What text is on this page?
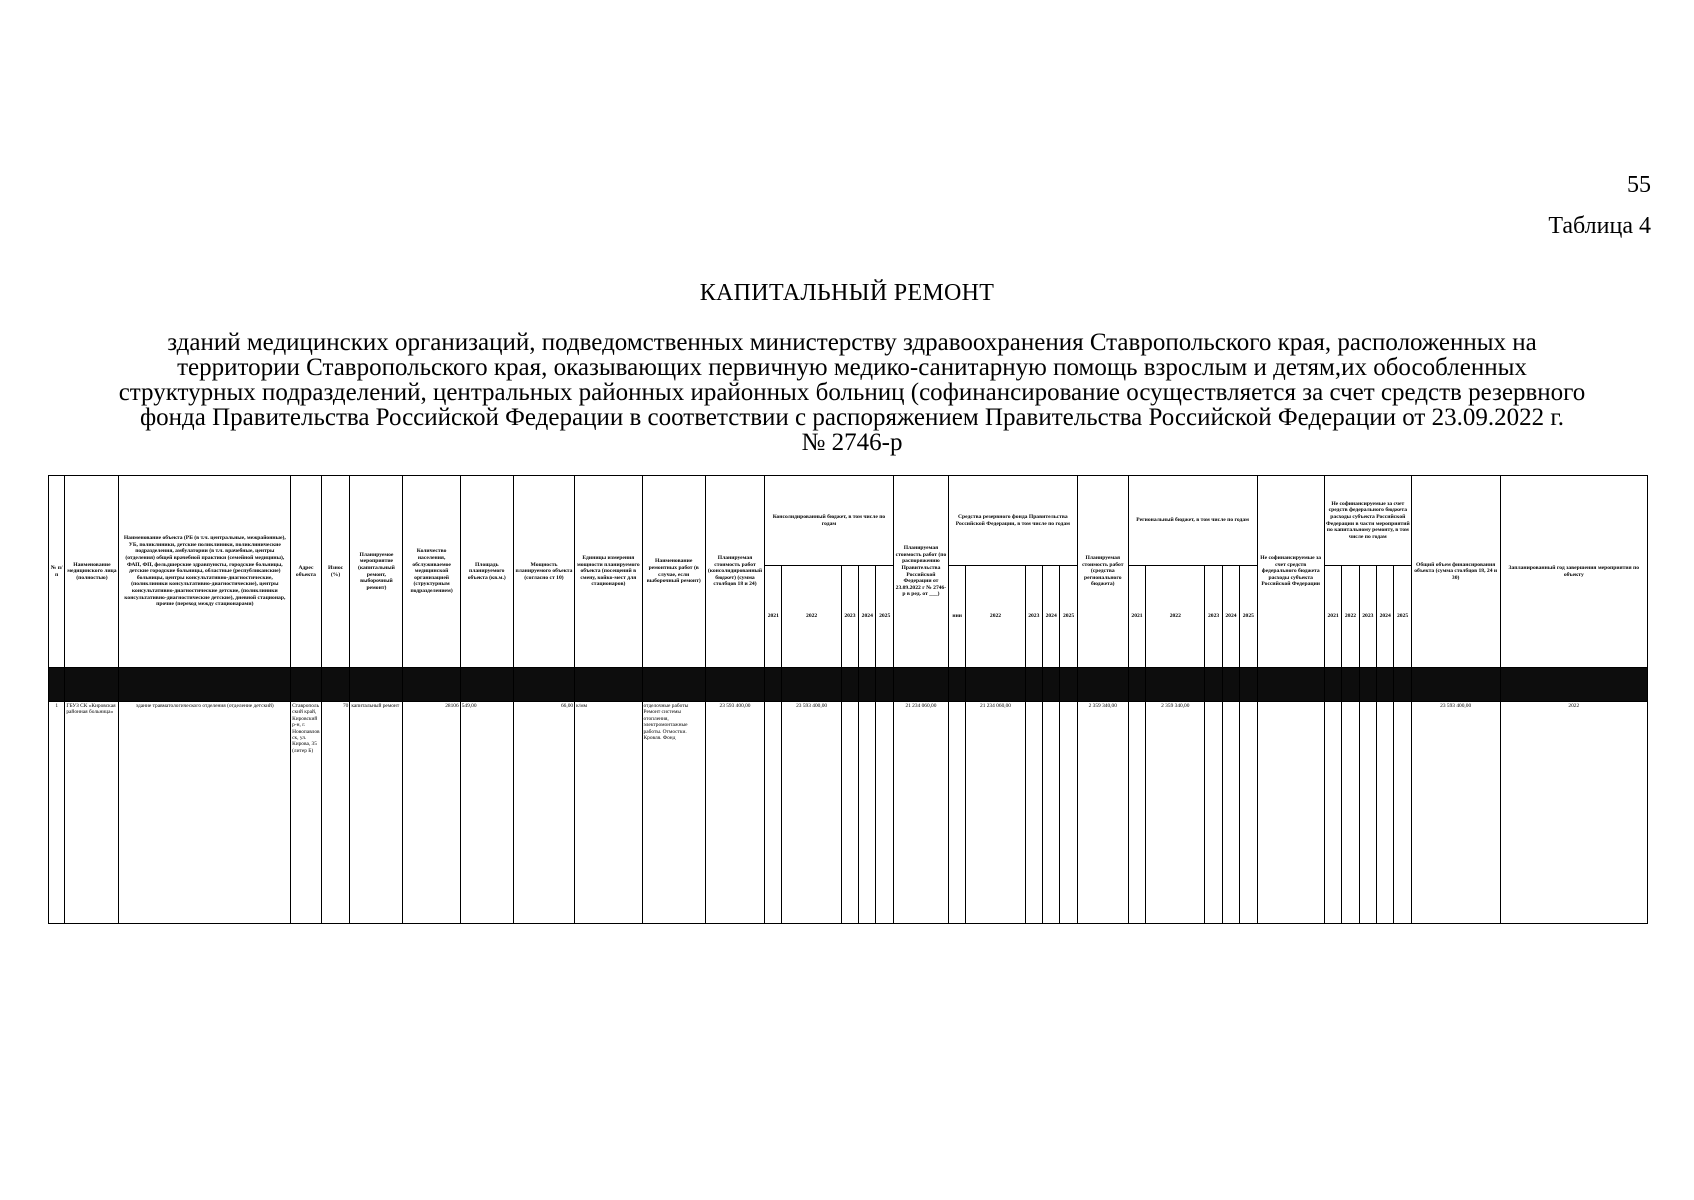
55
Таблица 4
КАПИТАЛЬНЫЙ РЕМОНТ
зданий медицинских организаций, подведомственных министерству здравоохранения Ставропольского края, расположенных на
территории Ставропольского края, оказывающих первичную медико-санитарную помощь взрослым и детям,их обособленных
структурных подразделений, центральных районных ирайонных больниц (софинансирование осуществляется за счет средств резервного
фонда Правительства Российской Федерации в соответствии с распоряжением Правительства Российской Федерации от 23.09.2022 г.
№ 2746-р
№ п/п	Наименование медицинского лица (полностью)	Наименование объекта (РБ (в т.ч. центральные, межрайонные), УБ, поликлиники, детские поликлиники, поликлинические подразделения, амбулатории (в т.ч. врачебные, центры (отделения) общей врачебной практики (семейной медицины), ФАП, ФП, фельдшерские здравпункты, городские больницы, детские городские больницы, областные (республиканские) больницы, центры консультативно-диагностические, (поликлиники консультативно-диагностические), центры консультативно-диагностические детские, (поликлиники консультативно-диагностические детские), дневной стационар, прочие (переход между стационарами)	Адрес объекта	Износ (%)	Планируемое мероприятие (капитальный ремонт, выборочный ремонт)	Количество населения, обслуживаемое медицинской организацией (структурным подразделением)	Площадь планируемого объекта (кв.м.)	Мощность планируемого объекта (согласно ст 10)	Единицы измерения мощности планируемого объекта (посещений в смену, койко-мест для стационаров)	Наименование ремонтных работ (в случае, если выборочный ремонт)	Планируемая стоимость работ (консолидированный бюджет) (сумма столбцов 18 и 24)	Консолидированный бюджет, в том числе по годам					Планируемая стоимость работ (по распоряжению Правительства Российской Федерации от 23.09.2022 г № 2746-р в ред. от ___)	Средства резервного фонда Правительства Российской Федерации, в том числе по годам					Планируемая стоимость работ (средства регионального бюджета)	Региональный бюджет, в том числе по годам					Не софинансируемые за счет средств федерального бюджета расходы субъекта Российской Федерации	Не софинансируемые за счет средств федерального бюджета расходы субъекта Российской Федерации в части мероприятий по капитальному ремонту, в том числе по годам					Общий объем финансирования объекта (сумма столбцов 18, 24 и 30)	Запланированный год завершения мероприятия по объекту
												2021	2022	2023	2024	2025		ннн	2022	2023	2024	2025		2021	2022	2023	2024	2025		2021	2022	2023	2024	2025		

1	ГБУЗ СК «Кировская районная больница»	здание травматологического отделения (отделение детский)	Ставропольский край, Кировский р-н, г. Новопавловск, ул. Кирова, 35 (литер Б)	70	капитальный ремонт	28106	549,00	66,00	к/мм	отделочные работы Ремонт системы отопления, электромонтажные работы. Отмостки. Кровля. Фонд	23 593 400,00		23 593 400,00				21 234 060,00		21 234 060,00				2 359 340,00		2 359 340,00										23 593 400,00	2022
